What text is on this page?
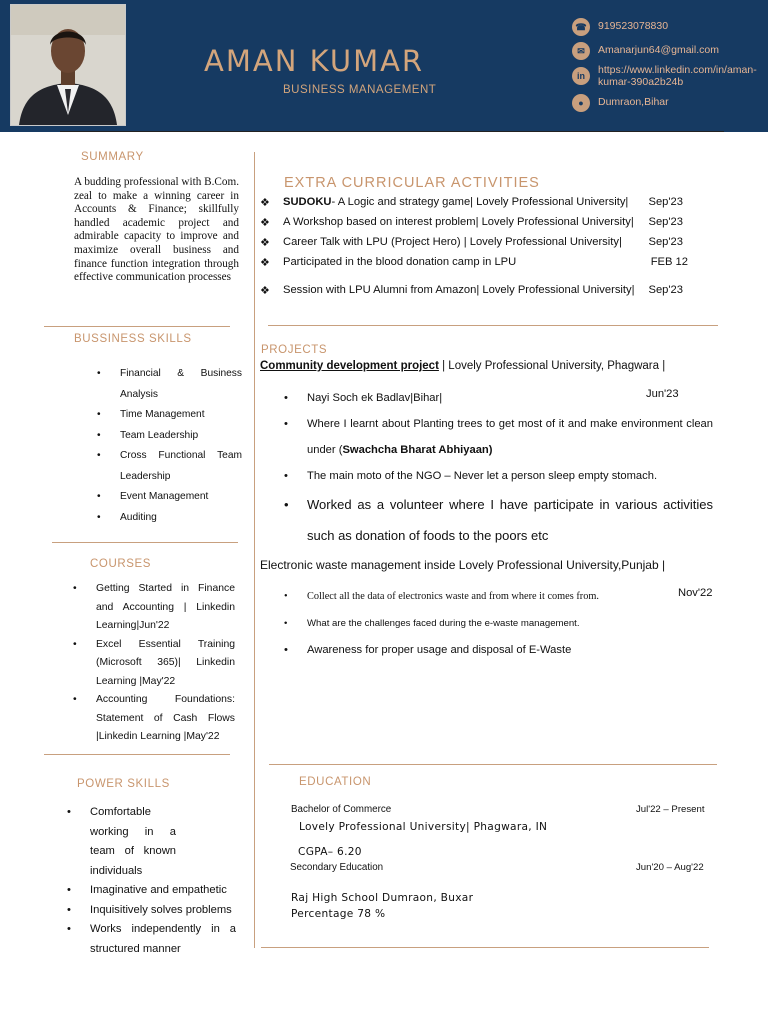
AMAN KUMAR
BUSINESS MANAGEMENT
☎	919523078830
✉	Amanarjun64@gmail.com
in	https://www.linkedin.com/in/aman-kumar-390a2b24b
●	Dumraon,Bihar
SUMMARY
A budding professional with B.Com. zeal to make a winning career in Accounts & Finance; skillfully handled academic project and admirable capacity to improve and maximize overall business and finance function integration through effective communication processes
BUSSINESS SKILLS
• Financial & Business Analysis
• Time Management
• Team Leadership
• Cross Functional Team Leadership
• Event Management
• Auditing
COURSES
• Getting Started in Finance and Accounting | Linkedin Learning|Jun'22
• Excel Essential Training (Microsoft 365)| Linkedin Learning |May'22
• Accounting Foundations: Statement of Cash Flows |Linkedin Learning |May'22
POWER SKILLS
• Comfortable working in a team of known individuals
• Imaginative and empathetic
• Inquisitively solves problems
• Works independently in a structured manner
EXTRA CURRICULAR ACTIVITIES
❖ SUDOKU- A Logic and strategy game| Lovely Professional University| Sep'23
❖ A Workshop based on interest problem| Lovely Professional University| Sep'23
❖ Career Talk with LPU (Project Hero) | Lovely Professional University| Sep'23
❖ Participated in the blood donation camp in LPU	FEB 12
❖ Session with LPU Alumni from Amazon| Lovely Professional University| Sep'23
PROJECTS
Community development project | Lovely Professional University, Phagwara |
Jun'23
• Nayi Soch ek Badlav|Bihar|
• Where I learnt about Planting trees to get most of it and make environment clean under (Swachcha Bharat Abhiyaan)
• The main moto of the NGO – Never let a person sleep empty stomach.
• Worked as a volunteer where I have participate in various activities such as donation of foods to the poors etc
Electronic waste management inside Lovely Professional University,Punjab |
Nov'22
• Collect all the data of electronics waste and from where it comes from.
• What are the challenges faced during the e-waste management.
• Awareness for proper usage and disposal of E-Waste
EDUCATION
Bachelor of Commerce	Jul'22 – Present
Lovely Professional University| Phagwara, IN
CGPA– 6.20
Secondary Education	Jun'20 – Aug'22
Raj High School Dumraon, Buxar
Percentage 78 %
